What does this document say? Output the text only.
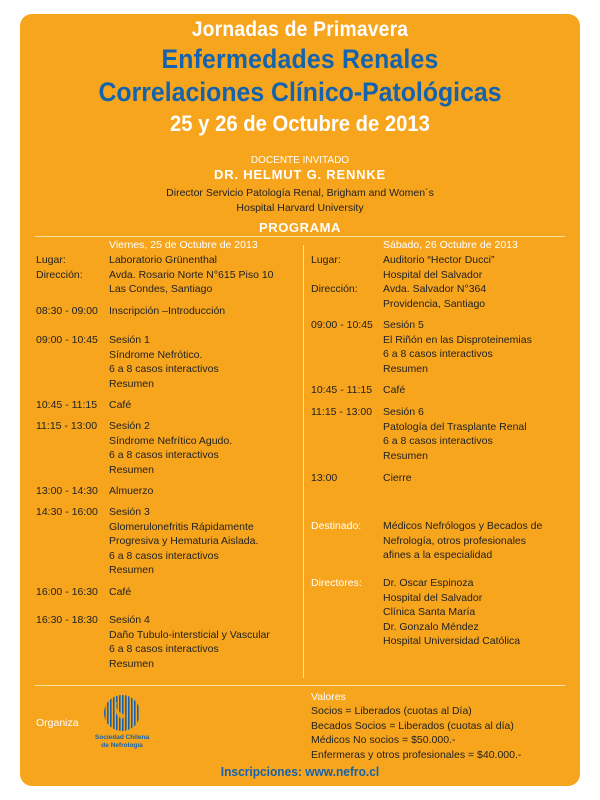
Jornadas de Primavera
Enfermedades Renales
Correlaciones Clínico-Patológicas
25 y 26 de Octubre de 2013
DOCENTE INVITADO
DR. HELMUT G. RENNKE
Director Servicio Patología Renal, Brigham and Women´s
Hospital Harvard University
PROGRAMA
Viernes, 25 de Octubre de 2013
Lugar:	Laboratorio Grünenthal
Dirección:	Avda. Rosario Norte N°615 Piso 10
Las Condes, Santiago
08:30 - 09:00 Inscripción –Introducción
09:00 - 10:45 Sesión 1
Síndrome Nefrótico.
6 a 8 casos interactivos
Resumen
10:45 - 11:15 Café
11:15 - 13:00 Sesión 2
Síndrome Nefrítico Agudo.
6 a 8 casos interactivos
Resumen
13:00 - 14:30 Almuerzo
14:30 - 16:00 Sesión 3
Glomerulonefritis Rápidamente
Progresiva y Hematuria Aislada.
6 a 8 casos interactivos
Resumen
16:00 - 16:30 Café
16:30 - 18:30 Sesión 4
Daño Tubulo-intersticial y Vascular
6 a 8 casos interactivos
Resumen
Sábado, 26 Octubre de 2013
Lugar:	Auditorio “Hector Ducci”
Hospital del Salvador
Dirección: Avda. Salvador N°364
Providencia, Santiago
09:00 - 10:45 Sesión 5
El Riñón en las Disproteinemias
6 a 8 casos interactivos
Resumen
10:45 - 11:15 Café
11:15 - 13:00 Sesión 6
Patología del Trasplante Renal
6 a 8 casos interactivos
Resumen
13:00	Cierre
Destinado: Médicos Nefrólogos y Becados de
Nefrología, otros profesionales
afines a la especialidad
Directores: Dr. Oscar Espinoza
Hospital del Salvador
Clínica Santa María
Dr. Gonzalo Méndez
Hospital Universidad Católica
Organiza
Sociedad Chilena
de Nefrología
Valores
Socios = Liberados (cuotas al Día)
Becados Socios = Liberados (cuotas al día)
Médicos No socios = $50.000.-
Enfermeras y otros profesionales = $40.000.-
Inscripciones: www.nefro.cl
